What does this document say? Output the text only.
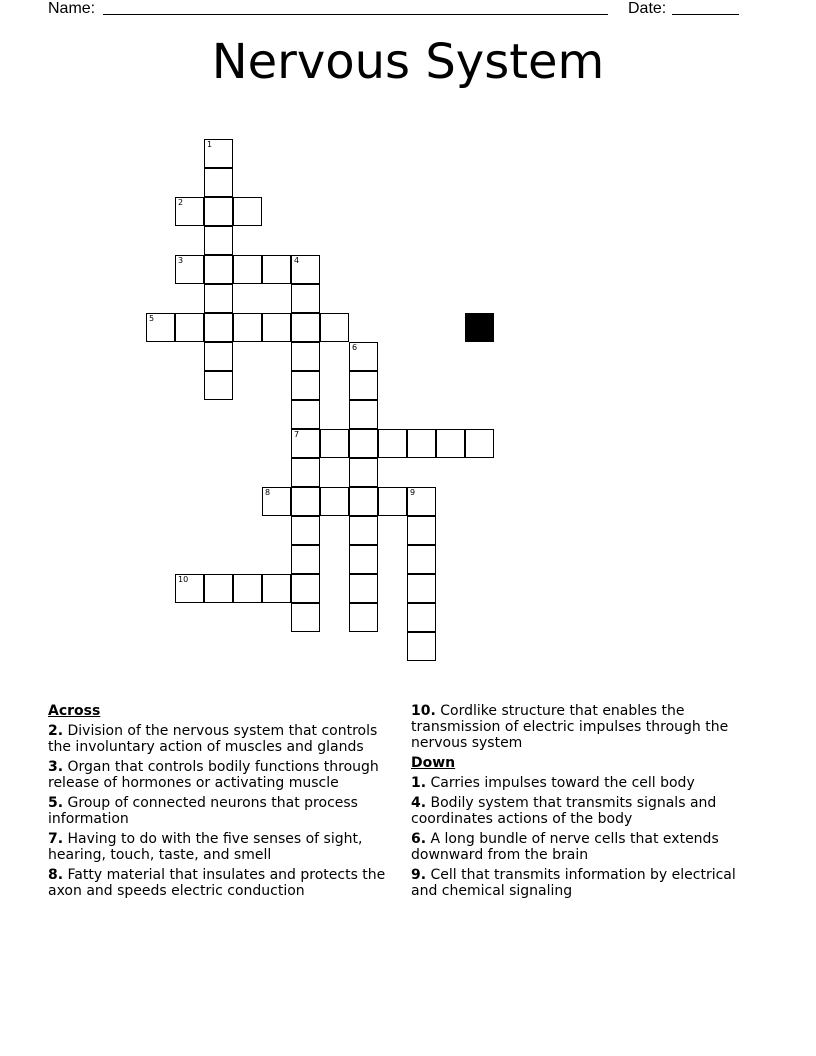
Name:	Date:
Nervous System
1
2
3	4
7
5
6
8	9
10
Across
2. Division of the nervous system that controls the involuntary action of muscles and glands
3. Organ that controls bodily functions through release of hormones or activating muscle
5. Group of connected neurons that process information
7. Having to do with the five senses of sight, hearing, touch, taste, and smell
8. Fatty material that insulates and protects the axon and speeds electric conduction
10. Cordlike structure that enables the transmission of electric impulses through the nervous system
Down
1. Carries impulses toward the cell body
4. Bodily system that transmits signals and coordinates actions of the body
6. A long bundle of nerve cells that extends downward from the brain
9. Cell that transmits information by electrical and chemical signaling
